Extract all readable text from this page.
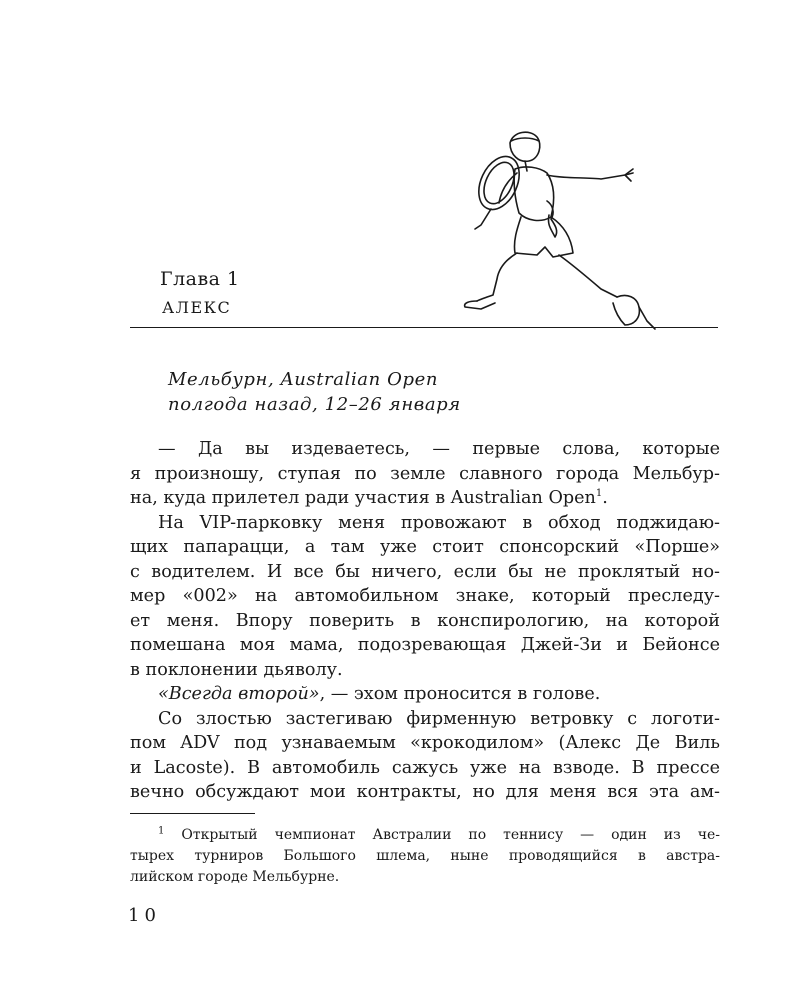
Глава 1
АЛЕКС
Мельбурн, Australian Open
полгода назад, 12–26 января
— Да вы издеваетесь, — первые слова, которые
я произношу, ступая по земле славного города Мельбур-
на, куда прилетел ради участия в Australian Open$^1$.
На VIP-парковку меня провожают в обход поджидаю-
щих папарацци, а там уже стоит спонсорский «Порше»
с водителем. И все бы ничего, если бы не проклятый но-
мер «002» на автомобильном знаке, который преследу-
ет меня. Впору поверить в конспирологию, на которой
помешана моя мама, подозревающая Джей-Зи и Бейонсе
в поклонении дьяволу.
«Всегда второй», — эхом проносится в голове.
Со злостью застегиваю фирменную ветровку с логоти-
пом ADV под узнаваемым «крокодилом» (Алекс Де Виль
и Lacoste). В автомобиль сажусь уже на взводе. В прессе
вечно обсуждают мои контракты, но для меня вся эта ам-
$^1$ Открытый чемпионат Австралии по теннису — один из че-
тырех турниров Большого шлема, ныне проводящийся в австра-
лийском городе Мельбурне.
10
